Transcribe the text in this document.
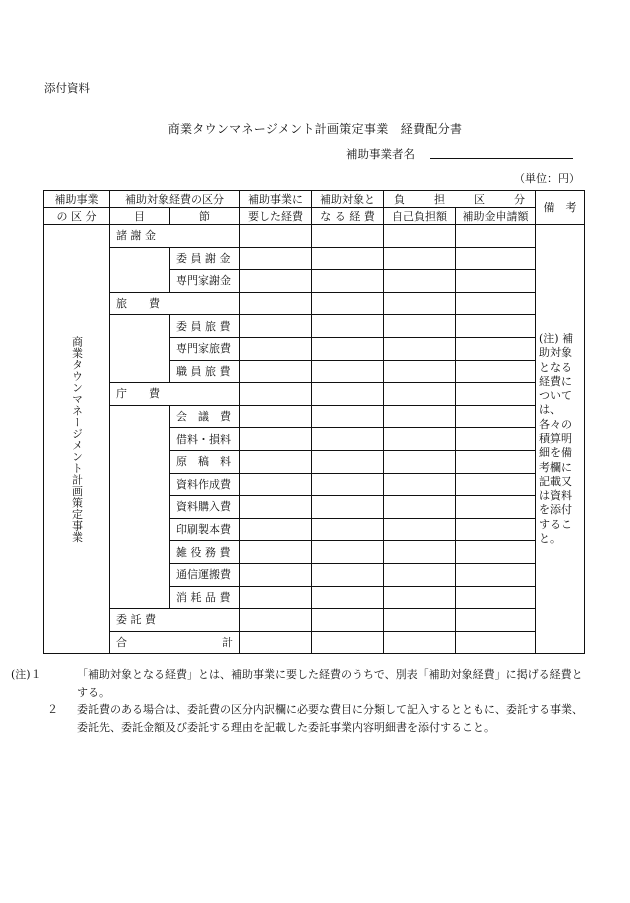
添付資料
商業タウンマネージメント計画策定事業　経費配分書
補助事業者名
（単位：円）
補助事業	補助対象経費の区分		補助事業に	補助対象と	負 担 区 分		備　考
の 区 分	目	節	要した経費	な る 経 費	自己負担額	補助金申請額	

商業タウンマネージメント計画策定事業	諸 謝 金						(注) 補助対象となる経費については、各々の積算明細を備考欄に記載又は資料を添付すること。

		委 員 謝 金					
		専門家謝金					
	旅　　費						
		委 員 旅 費					
		専門家旅費					
		職 員 旅 費					
	庁　　費						
		会　議　費					
		借料・損料					
		原　稿　料					
		資料作成費					
		資料購入費					
		印刷製本費					
		雑 役 務 費					
		通信運搬費					
		消 耗 品 費					
	委 託 費						

	合 計						

(注)１	「補助対象となる経費」とは、補助事業に要した経費のうちで、別表「補助対象経費」に掲げる経費とする。
２ 委託費のある場合は、委託費の区分内訳欄に必要な費目に分類して記入するとともに、委託する事業、委託先、委託金額及び委託する理由を記載した委託事業内容明細書を添付すること。
